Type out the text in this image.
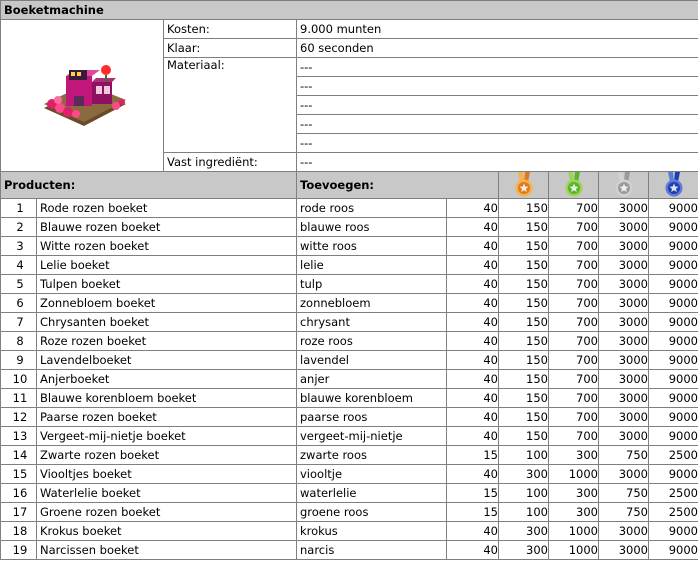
Boeketmachine									
	Kosten:	9.000 munten						
		Klaar:	60 seconden						
		Materiaal:	---						
			---						
			---						
			---						
			---						
		Vast ingrediënt:	---						
Producten:			Toevoegen:					
1	Rode rozen boeket		rode roos	40	150	700	3000	9000	
2	Blauwe rozen boeket		blauwe roos	40	150	700	3000	9000	
3	Witte rozen boeket		witte roos	40	150	700	3000	9000	
4	Lelie boeket		lelie	40	150	700	3000	9000	
5	Tulpen boeket		tulp	40	150	700	3000	9000	
6	Zonnebloem boeket		zonnebloem	40	150	700	3000	9000	
7	Chrysanten boeket		chrysant	40	150	700	3000	9000	
8	Roze rozen boeket		roze roos	40	150	700	3000	9000	
9	Lavendelboeket		lavendel	40	150	700	3000	9000	
10	Anjerboeket		anjer	40	150	700	3000	9000	
11	Blauwe korenbloem boeket		blauwe korenbloem	40	150	700	3000	9000	
12	Paarse rozen boeket		paarse roos	40	150	700	3000	9000	
13	Vergeet-mij-nietje boeket		vergeet-mij-nietje	40	150	700	3000	9000	
14	Zwarte rozen boeket		zwarte roos	15	100	300	750	2500	
15	Viooltjes boeket		viooltje	40	300	1000	3000	9000	
16	Waterlelie boeket		waterlelie	15	100	300	750	2500	
17	Groene rozen boeket		groene roos	15	100	300	750	2500	
18	Krokus boeket		krokus	40	300	1000	3000	9000	
19	Narcissen boeket		narcis	40	300	1000	3000	9000	
